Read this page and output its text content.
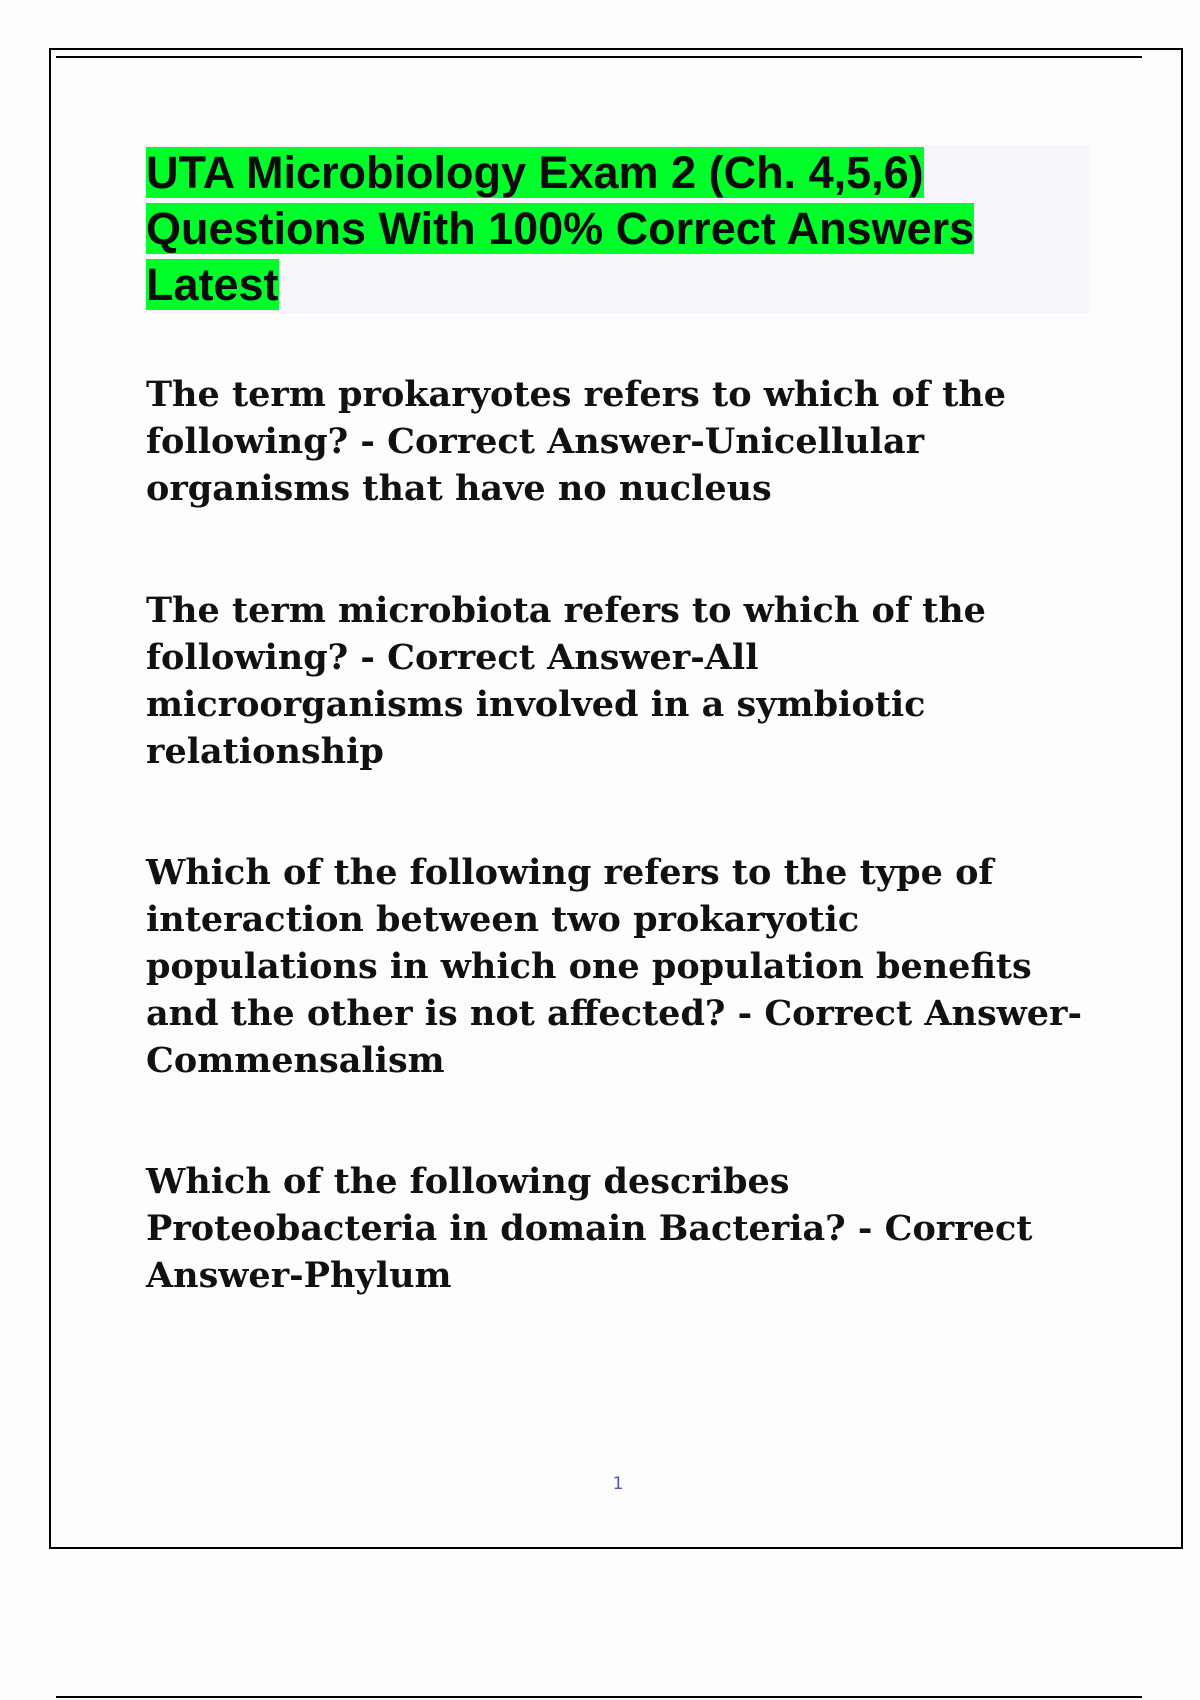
UTA Microbiology Exam 2 (Ch. 4,5,6) Questions With 100% Correct Answers Latest

The term prokaryotes refers to which of the following? - Correct Answer-Unicellular organisms that have no nucleus

The term microbiota refers to which of the following? - Correct Answer-All microorganisms involved in a symbiotic relationship

Which of the following refers to the type of interaction between two prokaryotic populations in which one population benefits and the other is not affected? - Correct Answer-Commensalism

Which of the following describes Proteobacteria in domain Bacteria? - Correct Answer-Phylum

1
